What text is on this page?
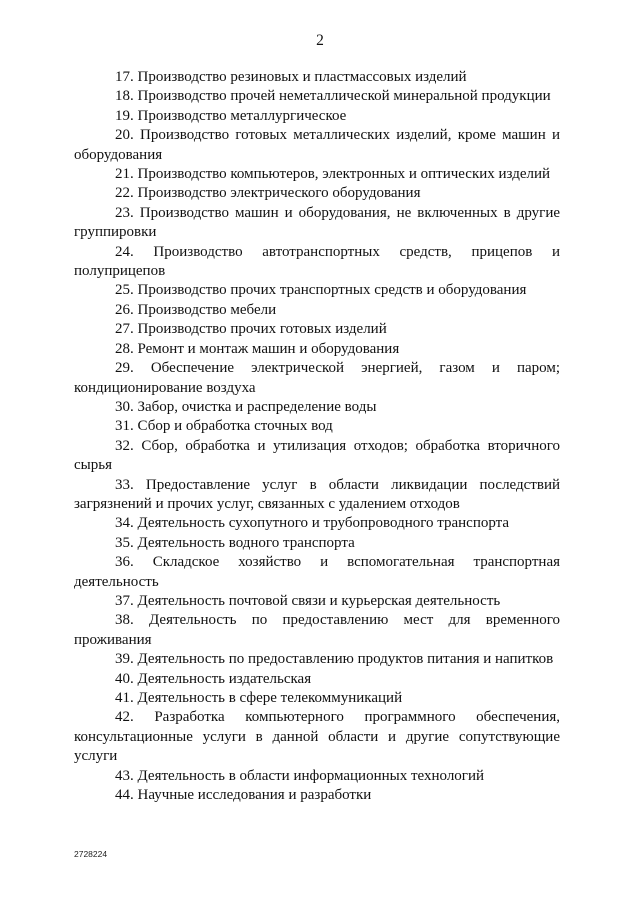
2

17. Производство резиновых и пластмассовых изделий

18. Производство прочей неметаллической минеральной продукции

19. Производство металлургическое

20. Производство готовых металлических изделий, кроме машин и оборудования

21. Производство компьютеров, электронных и оптических изделий

22. Производство электрического оборудования

23. Производство машин и оборудования, не включенных в другие группировки

24. Производство автотранспортных средств, прицепов и полуприцепов

25. Производство прочих транспортных средств и оборудования

26. Производство мебели

27. Производство прочих готовых изделий

28. Ремонт и монтаж машин и оборудования

29. Обеспечение электрической энергией, газом и паром; кондиционирование воздуха

30. Забор, очистка и распределение воды

31. Сбор и обработка сточных вод

32. Сбор, обработка и утилизация отходов; обработка вторичного сырья

33. Предоставление услуг в области ликвидации последствий загрязнений и прочих услуг, связанных с удалением отходов

34. Деятельность сухопутного и трубопроводного транспорта

35. Деятельность водного транспорта

36. Складское хозяйство и вспомогательная транспортная деятельность

37. Деятельность почтовой связи и курьерская деятельность

38. Деятельность по предоставлению мест для временного проживания

39. Деятельность по предоставлению продуктов питания и напитков

40. Деятельность издательская

41. Деятельность в сфере телекоммуникаций

42. Разработка компьютерного программного обеспечения, консультационные услуги в данной области и другие сопутствующие услуги

43. Деятельность в области информационных технологий

44. Научные исследования и разработки

2728224
